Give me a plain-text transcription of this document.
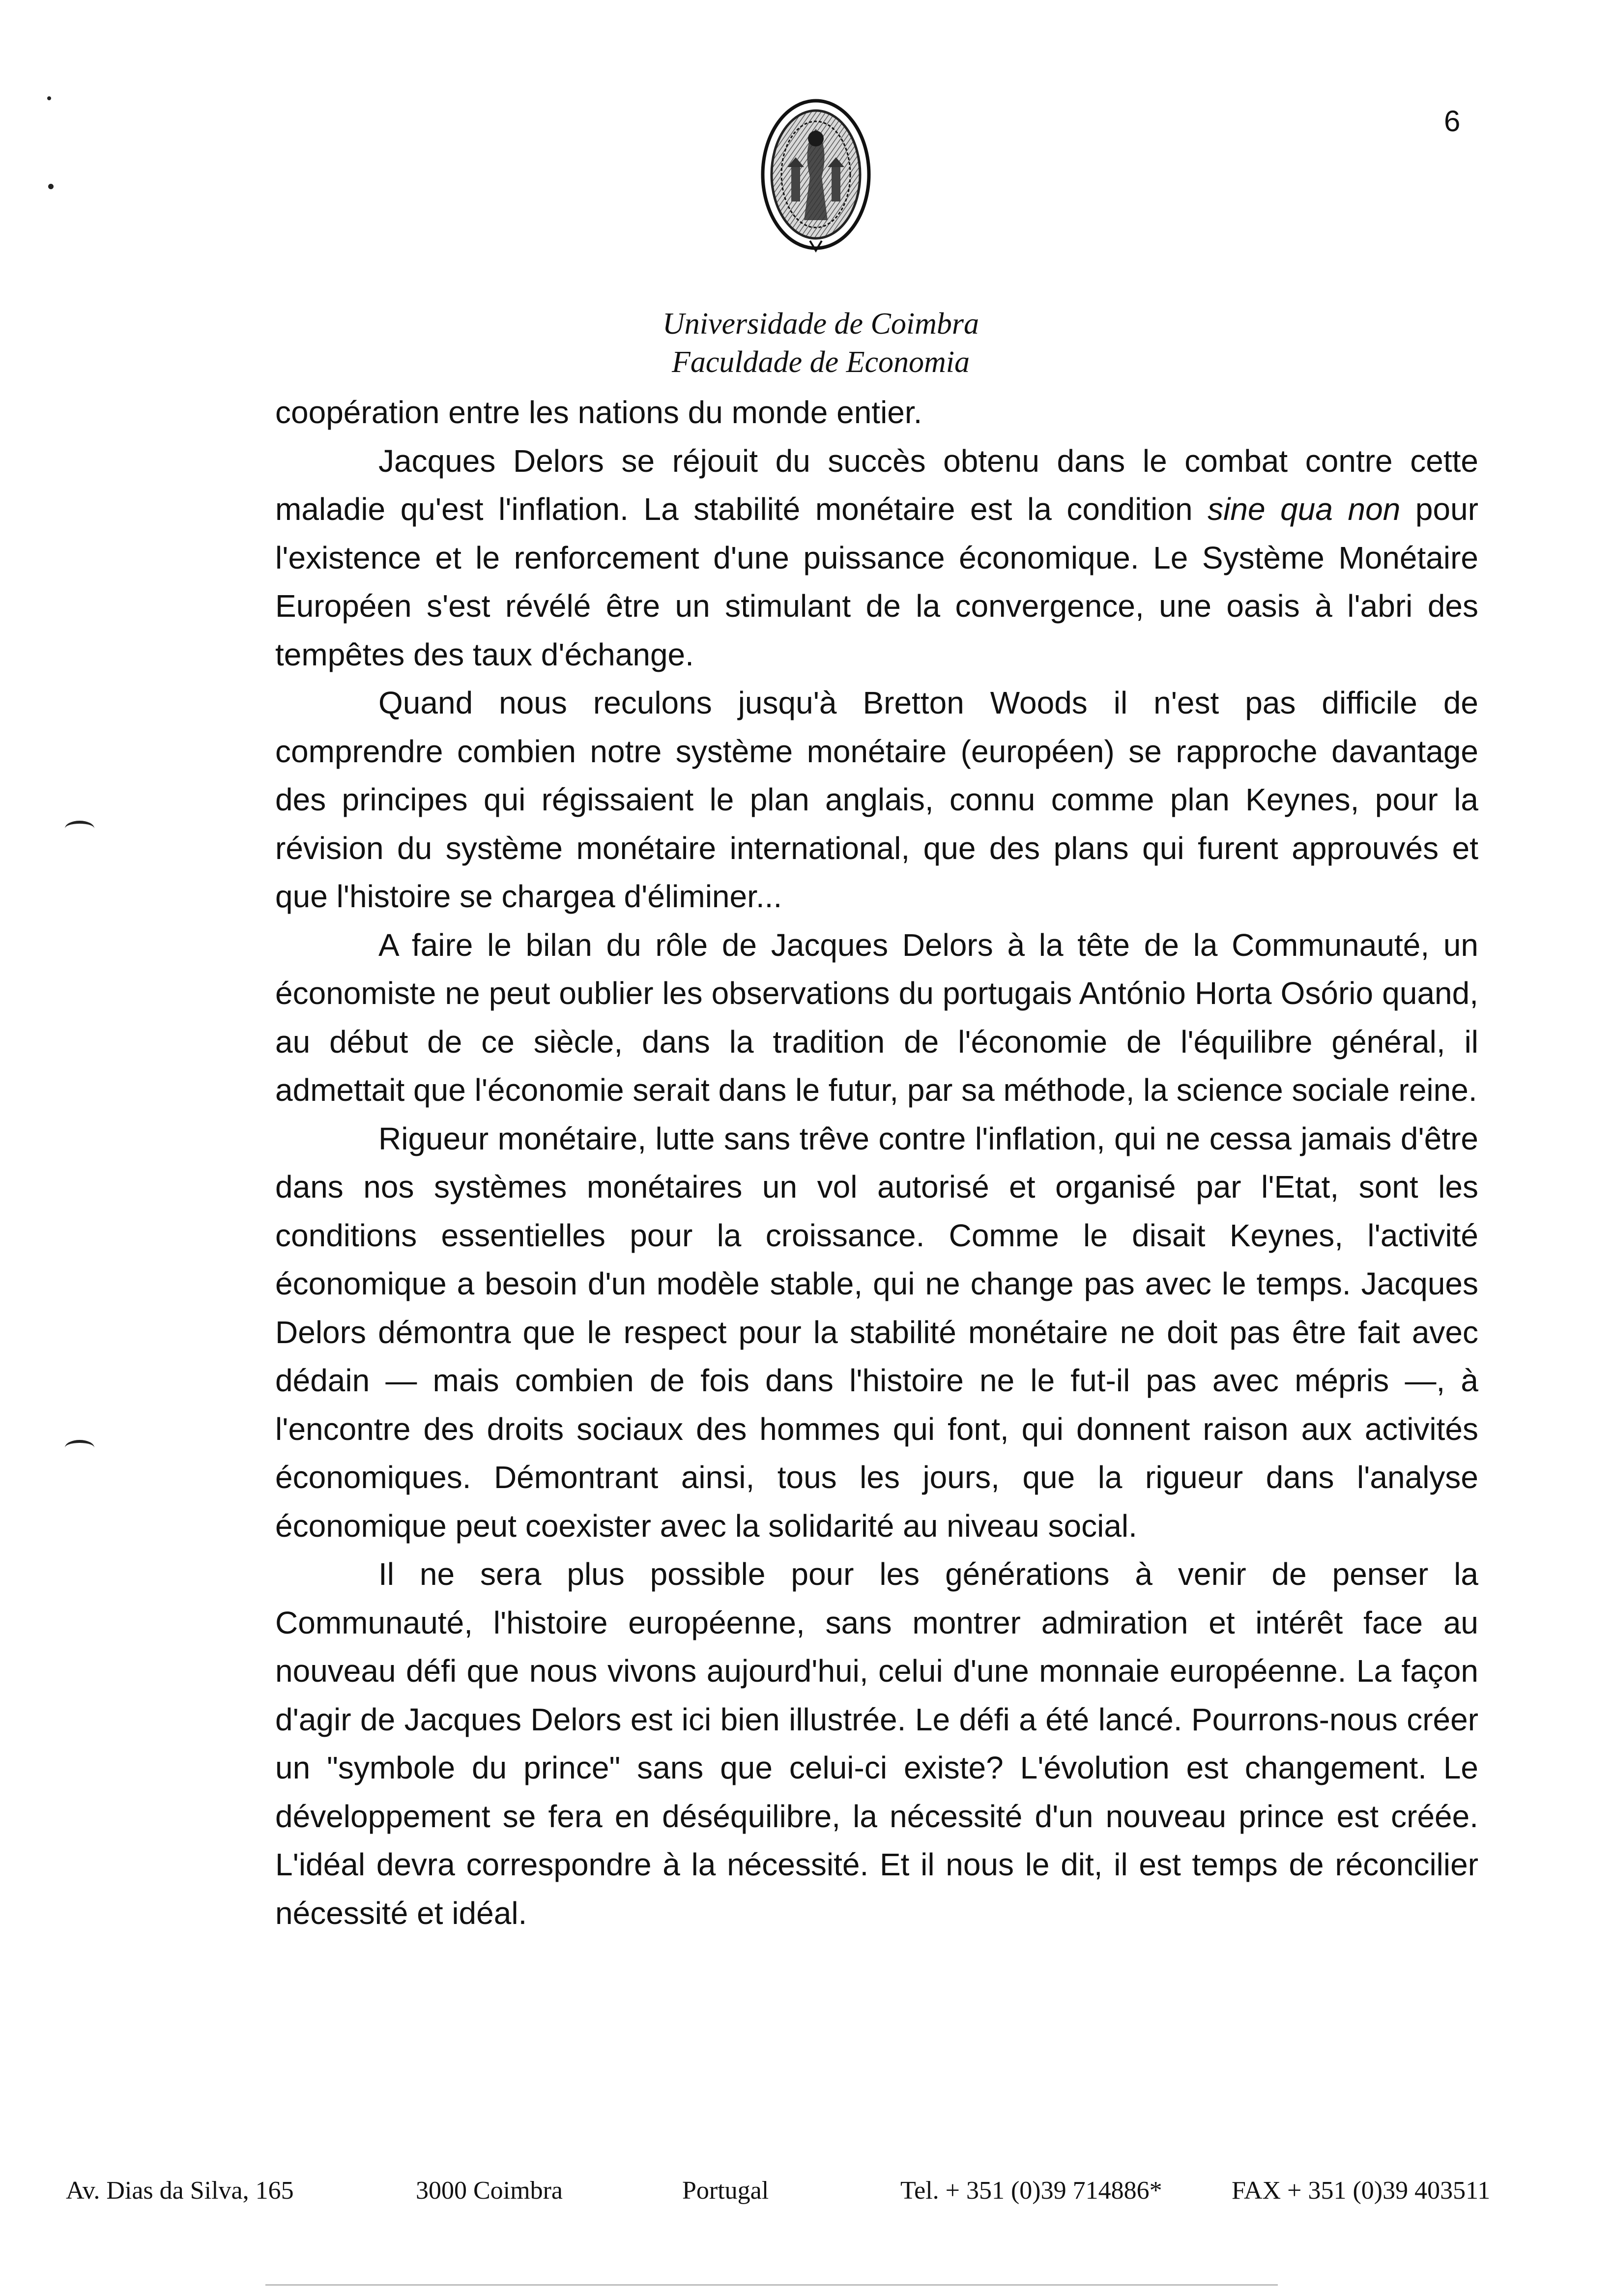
6
Universidade de Coimbra
Faculdade de Economia

coopération entre les nations du monde entier.

Jacques Delors se réjouit du succès obtenu dans le combat contre cette maladie qu'est l'inflation. La stabilité monétaire est la condition sine qua non pour l'existence et le renforcement d'une puissance économique. Le Système Monétaire Européen s'est révélé être un stimulant de la convergence, une oasis à l'abri des tempêtes des taux d'échange.

Quand nous reculons jusqu'à Bretton Woods il n'est pas difficile de comprendre combien notre système monétaire (européen) se rapproche davantage des principes qui régissaient le plan anglais, connu comme plan Keynes, pour la révision du système monétaire international, que des plans qui furent approuvés et que l'histoire se chargea d'éliminer...

A faire le bilan du rôle de Jacques Delors à la tête de la Communauté, un économiste ne peut oublier les observations du portugais António Horta Osório quand, au début de ce siècle, dans la tradition de l'économie de l'équilibre général, il admettait que l'économie serait dans le futur, par sa méthode, la science sociale reine.

Rigueur monétaire, lutte sans trêve contre l'inflation, qui ne cessa jamais d'être dans nos systèmes monétaires un vol autorisé et organisé par l'Etat, sont les conditions essentielles pour la croissance. Comme le disait Keynes, l'activité économique a besoin d'un modèle stable, qui ne change pas avec le temps. Jacques Delors démontra que le respect pour la stabilité monétaire ne doit pas être fait avec dédain — mais combien de fois dans l'histoire ne le fut-il pas avec mépris —, à l'encontre des droits sociaux des hommes qui font, qui donnent raison aux activités économiques. Démontrant ainsi, tous les jours, que la rigueur dans l'analyse économique peut coexister avec la solidarité au niveau social.

Il ne sera plus possible pour les générations à venir de penser la Communauté, l'histoire européenne, sans montrer admiration et intérêt face au nouveau défi que nous vivons aujourd'hui, celui d'une monnaie européenne. La façon d'agir de Jacques Delors est ici bien illustrée. Le défi a été lancé. Pourrons-nous créer un "symbole du prince" sans que celui-ci existe? L'évolution est changement. Le développement se fera en déséquilibre, la nécessité d'un nouveau prince est créée. L'idéal devra correspondre à la nécessité. Et il nous le dit, il est temps de réconcilier nécessité et idéal.

Av. Dias da Silva, 165	3000 Coimbra	Portugal	Tel. + 351 (0)39 714886*	FAX + 351 (0)39 403511
